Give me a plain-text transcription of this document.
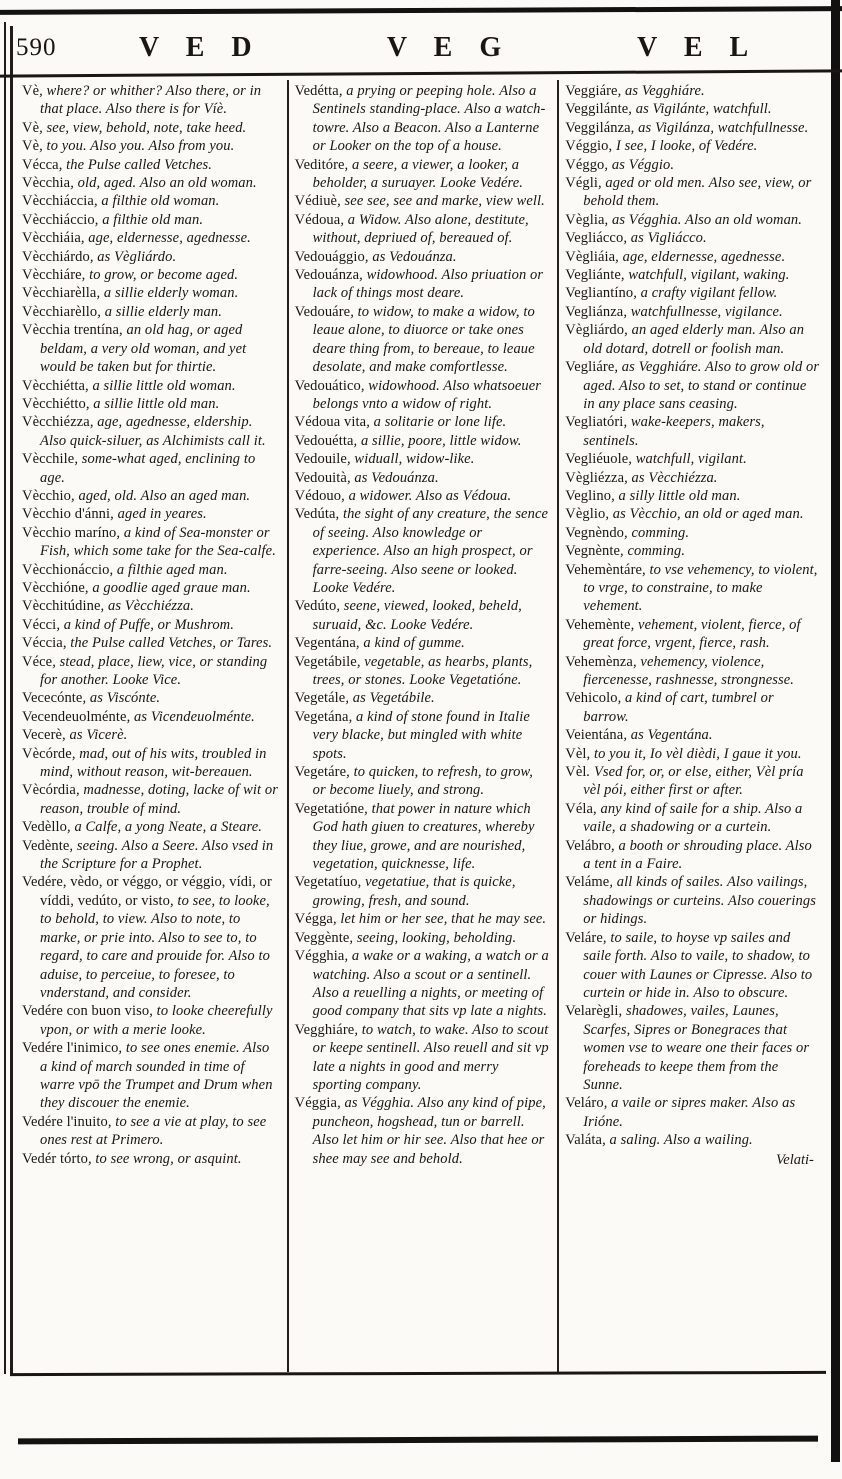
590	V E D	V E G	V E L

Vè, where? or whither? Also there, or in that place. Also there is for Víè.

Vè, see, view, behold, note, take heed.

Vè, to you. Also you. Also from you.

Vécca, the Pulse called Vetches.

Vècchia, old, aged. Also an old woman.

Vècchiáccia, a filthie old woman.

Vècchiáccio, a filthie old man.

Vècchiáia, age, eldernesse, agednesse.

Vècchiárdo, as Vègliárdo.

Vècchiáre, to grow, or become aged.

Vècchiarèlla, a sillie elderly woman.

Vècchiarèllo, a sillie elderly man.

Vècchia trentína, an old hag, or aged beldam, a very old woman, and yet would be taken but for thirtie.

Vècchiétta, a sillie little old woman.

Vècchiétto, a sillie little old man.

Vècchiézza, age, agednesse, eldership. Also quick-siluer, as Alchimists call it.

Vècchile, some-what aged, enclining to age.

Vècchio, aged, old. Also an aged man.

Vècchio d'ánni, aged in yeares.

Vècchio maríno, a kind of Sea-monster or Fish, which some take for the Sea-calfe.

Vècchionáccio, a filthie aged man.

Vècchióne, a goodlie aged graue man.

Vècchitúdine, as Vècchiézza.

Vécci, a kind of Puffe, or Mushrom.

Véccia, the Pulse called Vetches, or Tares.

Véce, stead, place, liew, vice, or standing for another. Looke Vice.

Vececónte, as Viscónte.

Vecendeuolménte, as Vicendeuolménte.

Vecerè, as Vicerè.

Vècórde, mad, out of his wits, troubled in mind, without reason, wit-bereauen.

Vècórdia, madnesse, doting, lacke of wit or reason, trouble of mind.

Vedèllo, a Calfe, a yong Neate, a Steare.

Vedènte, seeing. Also a Seere. Also vsed in the Scripture for a Prophet.

Vedére, vèdo, or véggo, or véggio, vídi, or víddi, vedúto, or visto, to see, to looke, to behold, to view. Also to note, to marke, or prie into. Also to see to, to regard, to care and prouide for. Also to aduise, to perceiue, to foresee, to vnderstand, and consider.

Vedére con buon viso, to looke cheerefully vpon, or with a merie looke.

Vedére l'inimico, to see ones enemie. Also a kind of march sounded in time of warre vpō the Trumpet and Drum when they discouer the enemie.

Vedére l'inuito, to see a vie at play, to see ones rest at Primero.

Vedér tórto, to see wrong, or asquint.

Vedétta, a prying or peeping hole. Also a Sentinels standing-place. Also a watch-towre. Also a Beacon. Also a Lanterne or Looker on the top of a house.

Veditóre, a seere, a viewer, a looker, a beholder, a suruayer. Looke Vedére.

Védiuè, see see, see and marke, view well.

Védoua, a Widow. Also alone, destitute, without, depriued of, bereaued of.

Vedouággio, as Vedouánza.

Vedouánza, widowhood. Also priuation or lack of things most deare.

Vedouáre, to widow, to make a widow, to leaue alone, to diuorce or take ones deare thing from, to bereaue, to leaue desolate, and make comfortlesse.

Vedouático, widowhood. Also whatsoeuer belongs vnto a widow of right.

Védoua vita, a solitarie or lone life.

Vedouétta, a sillie, poore, little widow.

Vedouile, widuall, widow-like.

Vedouità, as Vedouánza.

Védouo, a widower. Also as Védoua.

Vedúta, the sight of any creature, the sence of seeing. Also knowledge or experience. Also an high prospect, or farre-seeing. Also seene or looked. Looke Vedére.

Vedúto, seene, viewed, looked, beheld, suruaid, &c. Looke Vedére.

Vegentána, a kind of gumme.

Vegetábile, vegetable, as hearbs, plants, trees, or stones. Looke Vegetatióne.

Vegetále, as Vegetábile.

Vegetána, a kind of stone found in Italie very blacke, but mingled with white spots.

Vegetáre, to quicken, to refresh, to grow, or become liuely, and strong.

Vegetatióne, that power in nature which God hath giuen to creatures, whereby they liue, growe, and are nourished, vegetation, quicknesse, life.

Vegetatíuo, vegetatiue, that is quicke, growing, fresh, and sound.

Végga, let him or her see, that he may see.

Veggènte, seeing, looking, beholding.

Végghia, a wake or a waking, a watch or a watching. Also a scout or a sentinell. Also a reuelling a nights, or meeting of good company that sits vp late a nights.

Vegghiáre, to watch, to wake. Also to scout or keepe sentinell. Also reuell and sit vp late a nights in good and merry sporting company.

Véggia, as Végghia. Also any kind of pipe, puncheon, hogshead, tun or barrell. Also let him or hir see. Also that hee or shee may see and behold.

Veggiáre, as Vegghiáre.

Veggilánte, as Vigilánte, watchfull.

Veggilánza, as Vigilánza, watchfullnesse.

Véggio, I see, I looke, of Vedére.

Véggo, as Véggio.

Végli, aged or old men. Also see, view, or behold them.

Vèglia, as Végghia. Also an old woman.

Vegliácco, as Vigliácco.

Vègliáia, age, eldernesse, agednesse.

Vegliánte, watchfull, vigilant, waking.

Vegliantíno, a crafty vigilant fellow.

Vegliánza, watchfullnesse, vigilance.

Vègliárdo, an aged elderly man. Also an old dotard, dotrell or foolish man.

Vegliáre, as Vegghiáre. Also to grow old or aged. Also to set, to stand or continue in any place sans ceasing.

Vegliatóri, wake-keepers, makers, sentinels.

Vegliéuole, watchfull, vigilant.

Vègliézza, as Vècchiézza.

Veglino, a silly little old man.

Vèglio, as Vècchio, an old or aged man.

Vegnèndo, comming.

Vegnènte, comming.

Vehemèntáre, to vse vehemency, to violent, to vrge, to constraine, to make vehement.

Vehemènte, vehement, violent, fierce, of great force, vrgent, fierce, rash.

Vehemènza, vehemency, violence, fiercenesse, rashnesse, strongnesse.

Vehicolo, a kind of cart, tumbrel or barrow.

Veientána, as Vegentána.

Vèl, to you it, Io vèl dièdi, I gaue it you.

Vèl. Vsed for, or, or else, either, Vèl pría vèl pói, either first or after.

Véla, any kind of saile for a ship. Also a vaile, a shadowing or a curtein.

Velábro, a booth or shrouding place. Also a tent in a Faire.

Veláme, all kinds of sailes. Also vailings, shadowings or curteins. Also couerings or hidings.

Veláre, to saile, to hoyse vp sailes and saile forth. Also to vaile, to shadow, to couer with Launes or Cipresse. Also to curtein or hide in. Also to obscure.

Velarègli, shadowes, vailes, Launes, Scarfes, Sipres or Bonegraces that women vse to weare one their faces or foreheads to keepe them from the Sunne.

Veláro, a vaile or sipres maker. Also as Irióne.

Valáta, a saling. Also a wailing.

Velati-
